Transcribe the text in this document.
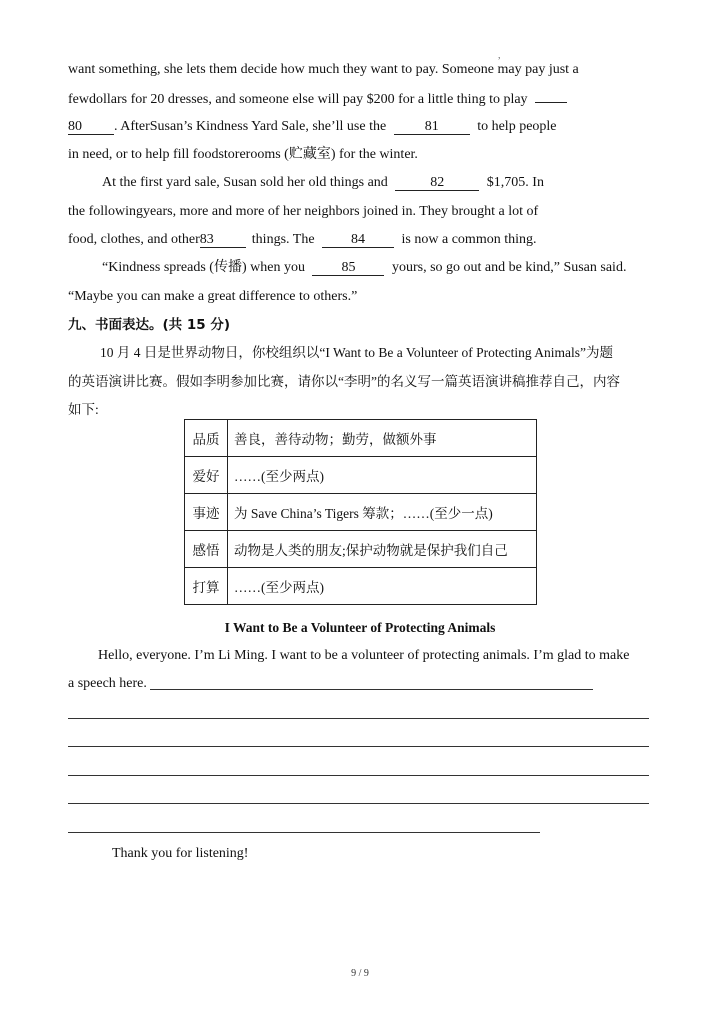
,
want something, she lets them decide how much they want to pay. Someone may pay just a
fewdollars for 20 dresses, and someone else will pay $200 for a little thing to play
80 . AfterSusan’s Kindness Yard Sale, she’ll use the	81	to help people
in need, or to help fill foodstorerooms (贮藏室) for the winter.
At the first yard sale, Susan sold her old things and	82	$1,705. In
the followingyears, more and more of her neighbors joined in. They brought a lot of
food, clothes, and other83	things. The	84	is now a common thing.
“Kindness spreads (传播) when you	85	yours, so go out and be kind,” Susan said.
“Maybe you can make a great difference to others.”
九、书面表达。(共 15 分)
10 月 4 日是世界动物日，你校组织以“I Want to Be a Volunteer of Protecting Animals”为题
的英语演讲比赛。假如李明参加比赛，请你以“李明”的名义写一篇英语演讲稿推荐自己，内容
如下:
品质	善良，善待动物；勤劳，做额外事
爱好	……(至少两点)
事迹	为 Save China’s Tigers 筹款；……(至少一点)
感悟	动物是人类的朋友;保护动物就是保护我们自己
打算	……(至少两点)
I Want to Be a Volunteer of Protecting Animals
Hello, everyone. I’m Li Ming. I want to be a volunteer of protecting animals. I’m glad to make
a speech here.
Thank you for listening!
9 / 9
